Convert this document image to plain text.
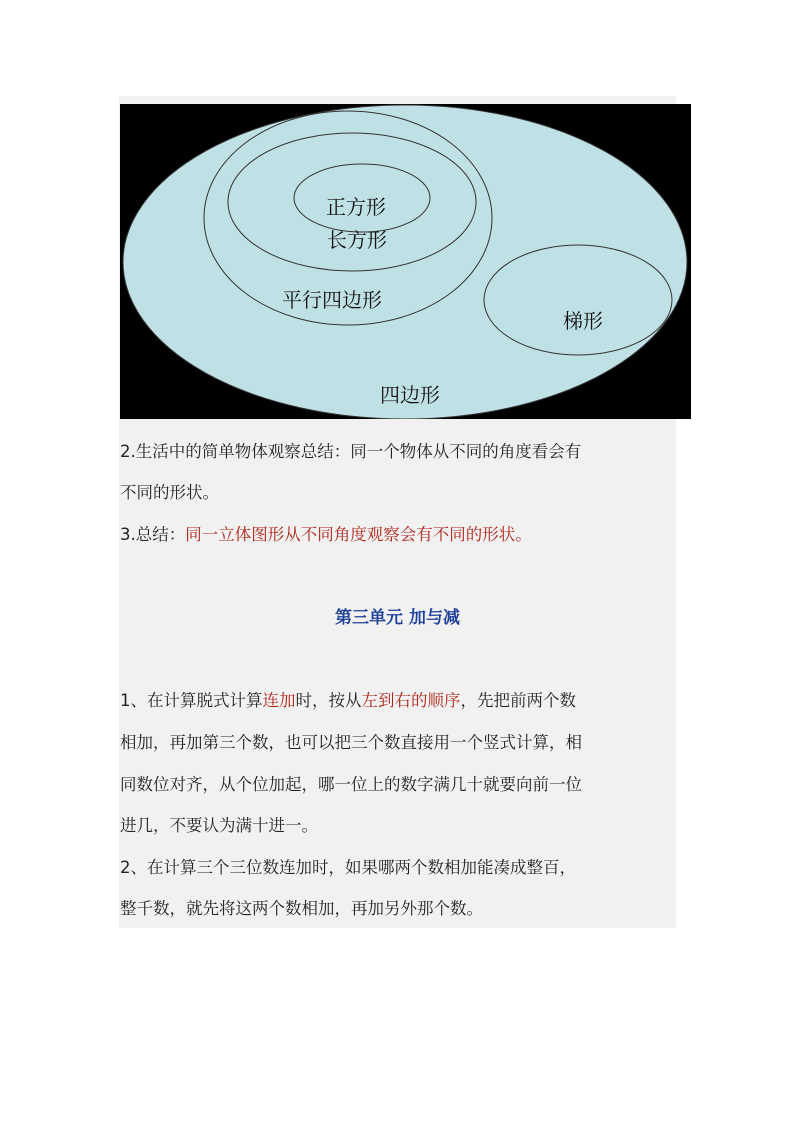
正方形
长方形
平行四边形
梯形
四边形
2.生活中的简单物体观察总结：同一个物体从不同的角度看会有
不同的形状。
3.总结：同一立体图形从不同角度观察会有不同的形状。
第三单元 加与减
1、在计算脱式计算连加时，按从左到右的顺序，先把前两个数
相加，再加第三个数，也可以把三个数直接用一个竖式计算，相
同数位对齐，从个位加起，哪一位上的数字满几十就要向前一位
进几，不要认为满十进一。
2、在计算三个三位数连加时，如果哪两个数相加能凑成整百，
整千数，就先将这两个数相加，再加另外那个数。
